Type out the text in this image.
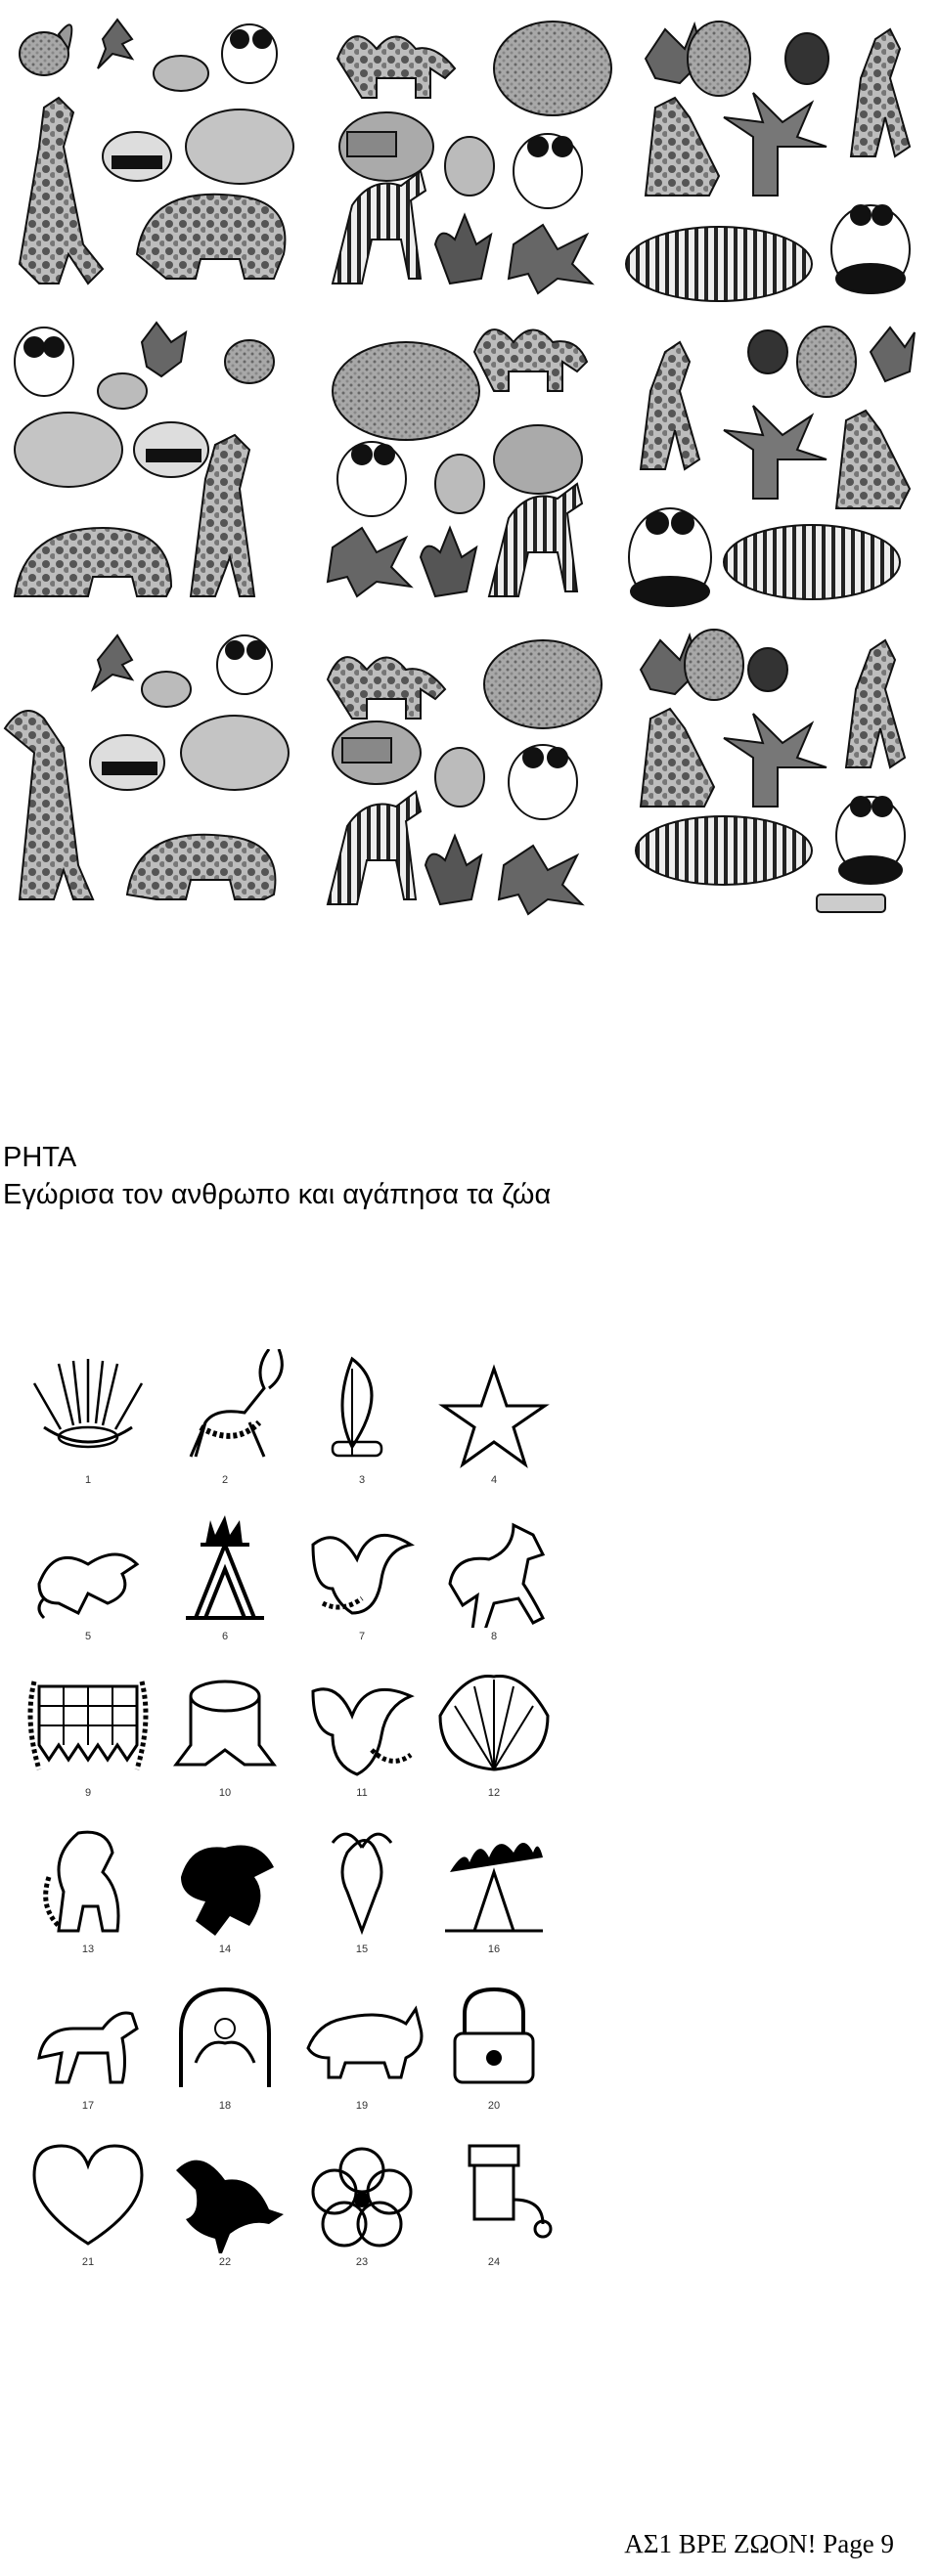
ΡΗΤΑ
Εγώρισα τον ανθρωπο και αγάπησα τα ζώα
1	2	3	4
5	6	7	8
9	10	11	12
13	14	15	16
17	18	19	20
21	22	23	24
ΑΣ1 ΒΡΕ ΖΩΟΝ! Page 9
